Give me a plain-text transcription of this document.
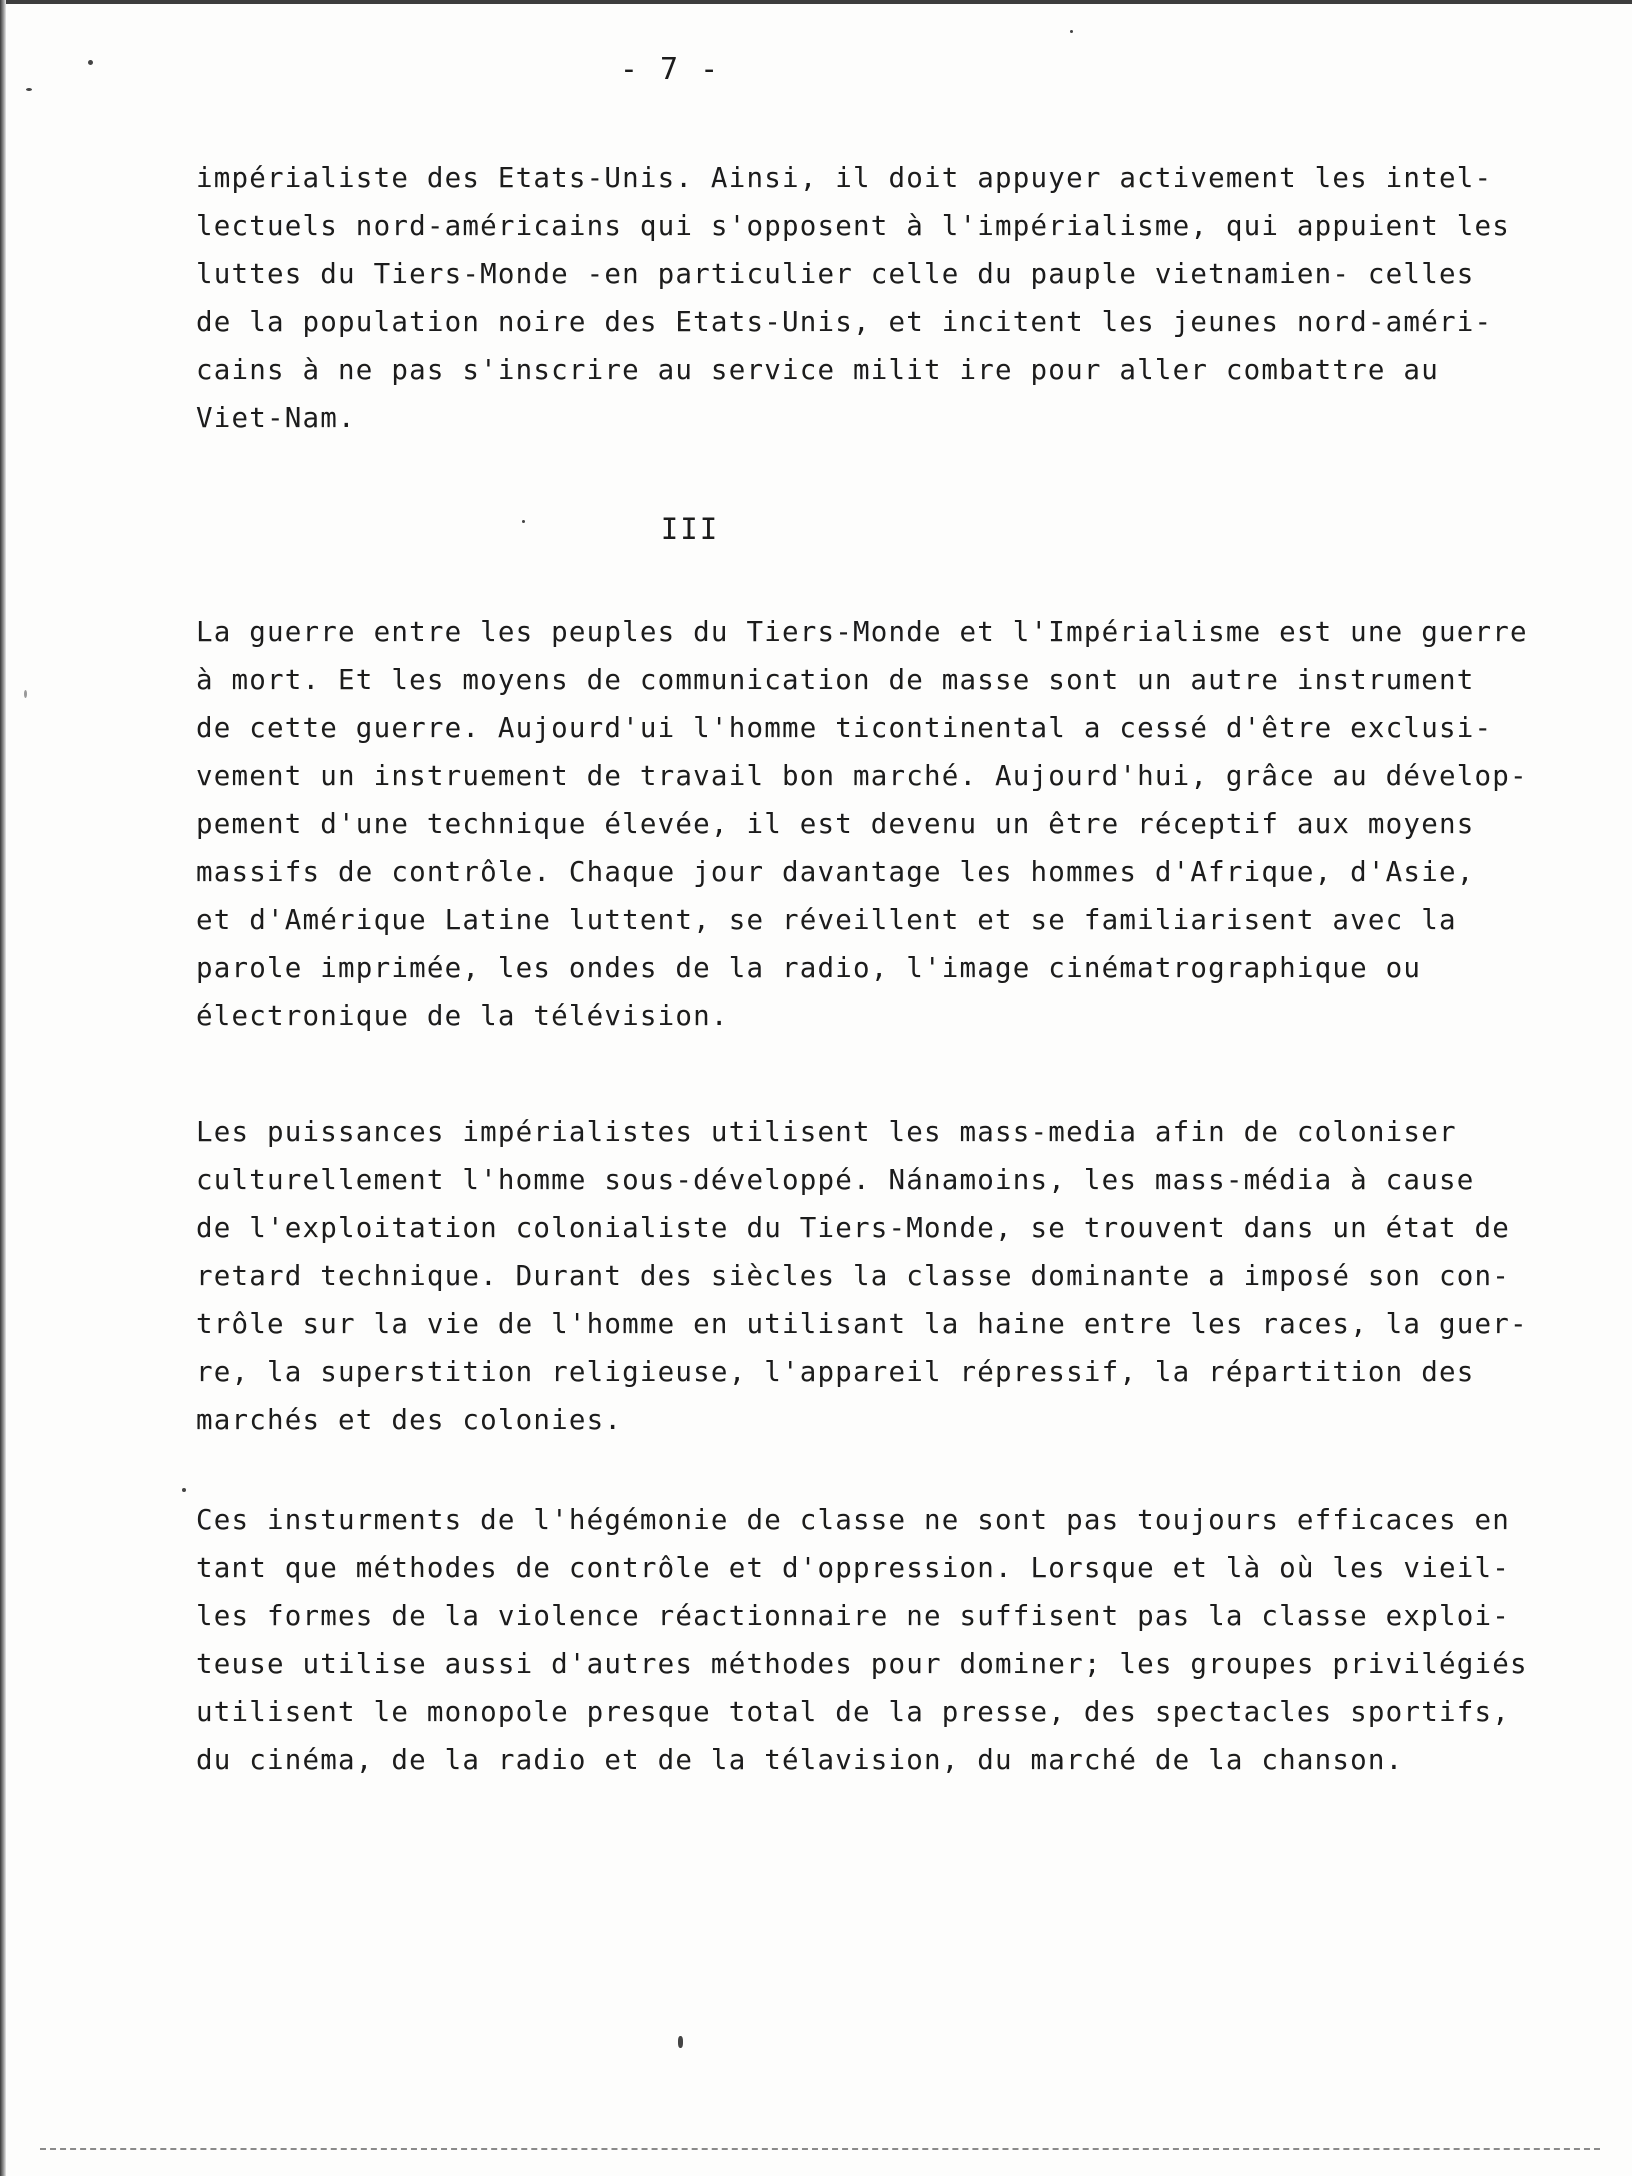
- 7 -
impérialiste des Etats-Unis. Ainsi, il doit appuyer activement les intel-
lectuels nord-américains qui s'opposent à l'impérialisme, qui appuient les
luttes du Tiers-Monde -en particulier celle du pauple vietnamien- celles
de la population noire des Etats-Unis, et incitent les jeunes nord-améri-
cains à ne pas s'inscrire au service milit ire pour aller combattre au
Viet-Nam.
III
La guerre entre les peuples du Tiers-Monde et l'Impérialisme est une guerre
à mort. Et les moyens de communication de masse sont un autre instrument
de cette guerre. Aujourd'ui l'homme ticontinental a cessé d'être exclusi-
vement un instruement de travail bon marché. Aujourd'hui, grâce au dévelop-
pement d'une technique élevée, il est devenu un être réceptif aux moyens
massifs de contrôle. Chaque jour davantage les hommes d'Afrique, d'Asie,
et d'Amérique Latine luttent, se réveillent et se familiarisent avec la
parole imprimée, les ondes de la radio, l'image cinématrographique ou
électronique de la télévision.
Les puissances impérialistes utilisent les mass-media afin de coloniser
culturellement l'homme sous-développé. Nánamoins, les mass-média à cause
de l'exploitation colonialiste du Tiers-Monde, se trouvent dans un état de
retard technique. Durant des siècles la classe dominante a imposé son con-
trôle sur la vie de l'homme en utilisant la haine entre les races, la guer-
re, la superstition religieuse, l'appareil répressif, la répartition des
marchés et des colonies.
Ces insturments de l'hégémonie de classe ne sont pas toujours efficaces en
tant que méthodes de contrôle et d'oppression. Lorsque et là où les vieil-
les formes de la violence réactionnaire ne suffisent pas la classe exploi-
teuse utilise aussi d'autres méthodes pour dominer; les groupes privilégiés
utilisent le monopole presque total de la presse, des spectacles sportifs,
du cinéma, de la radio et de la télavision, du marché de la chanson.
